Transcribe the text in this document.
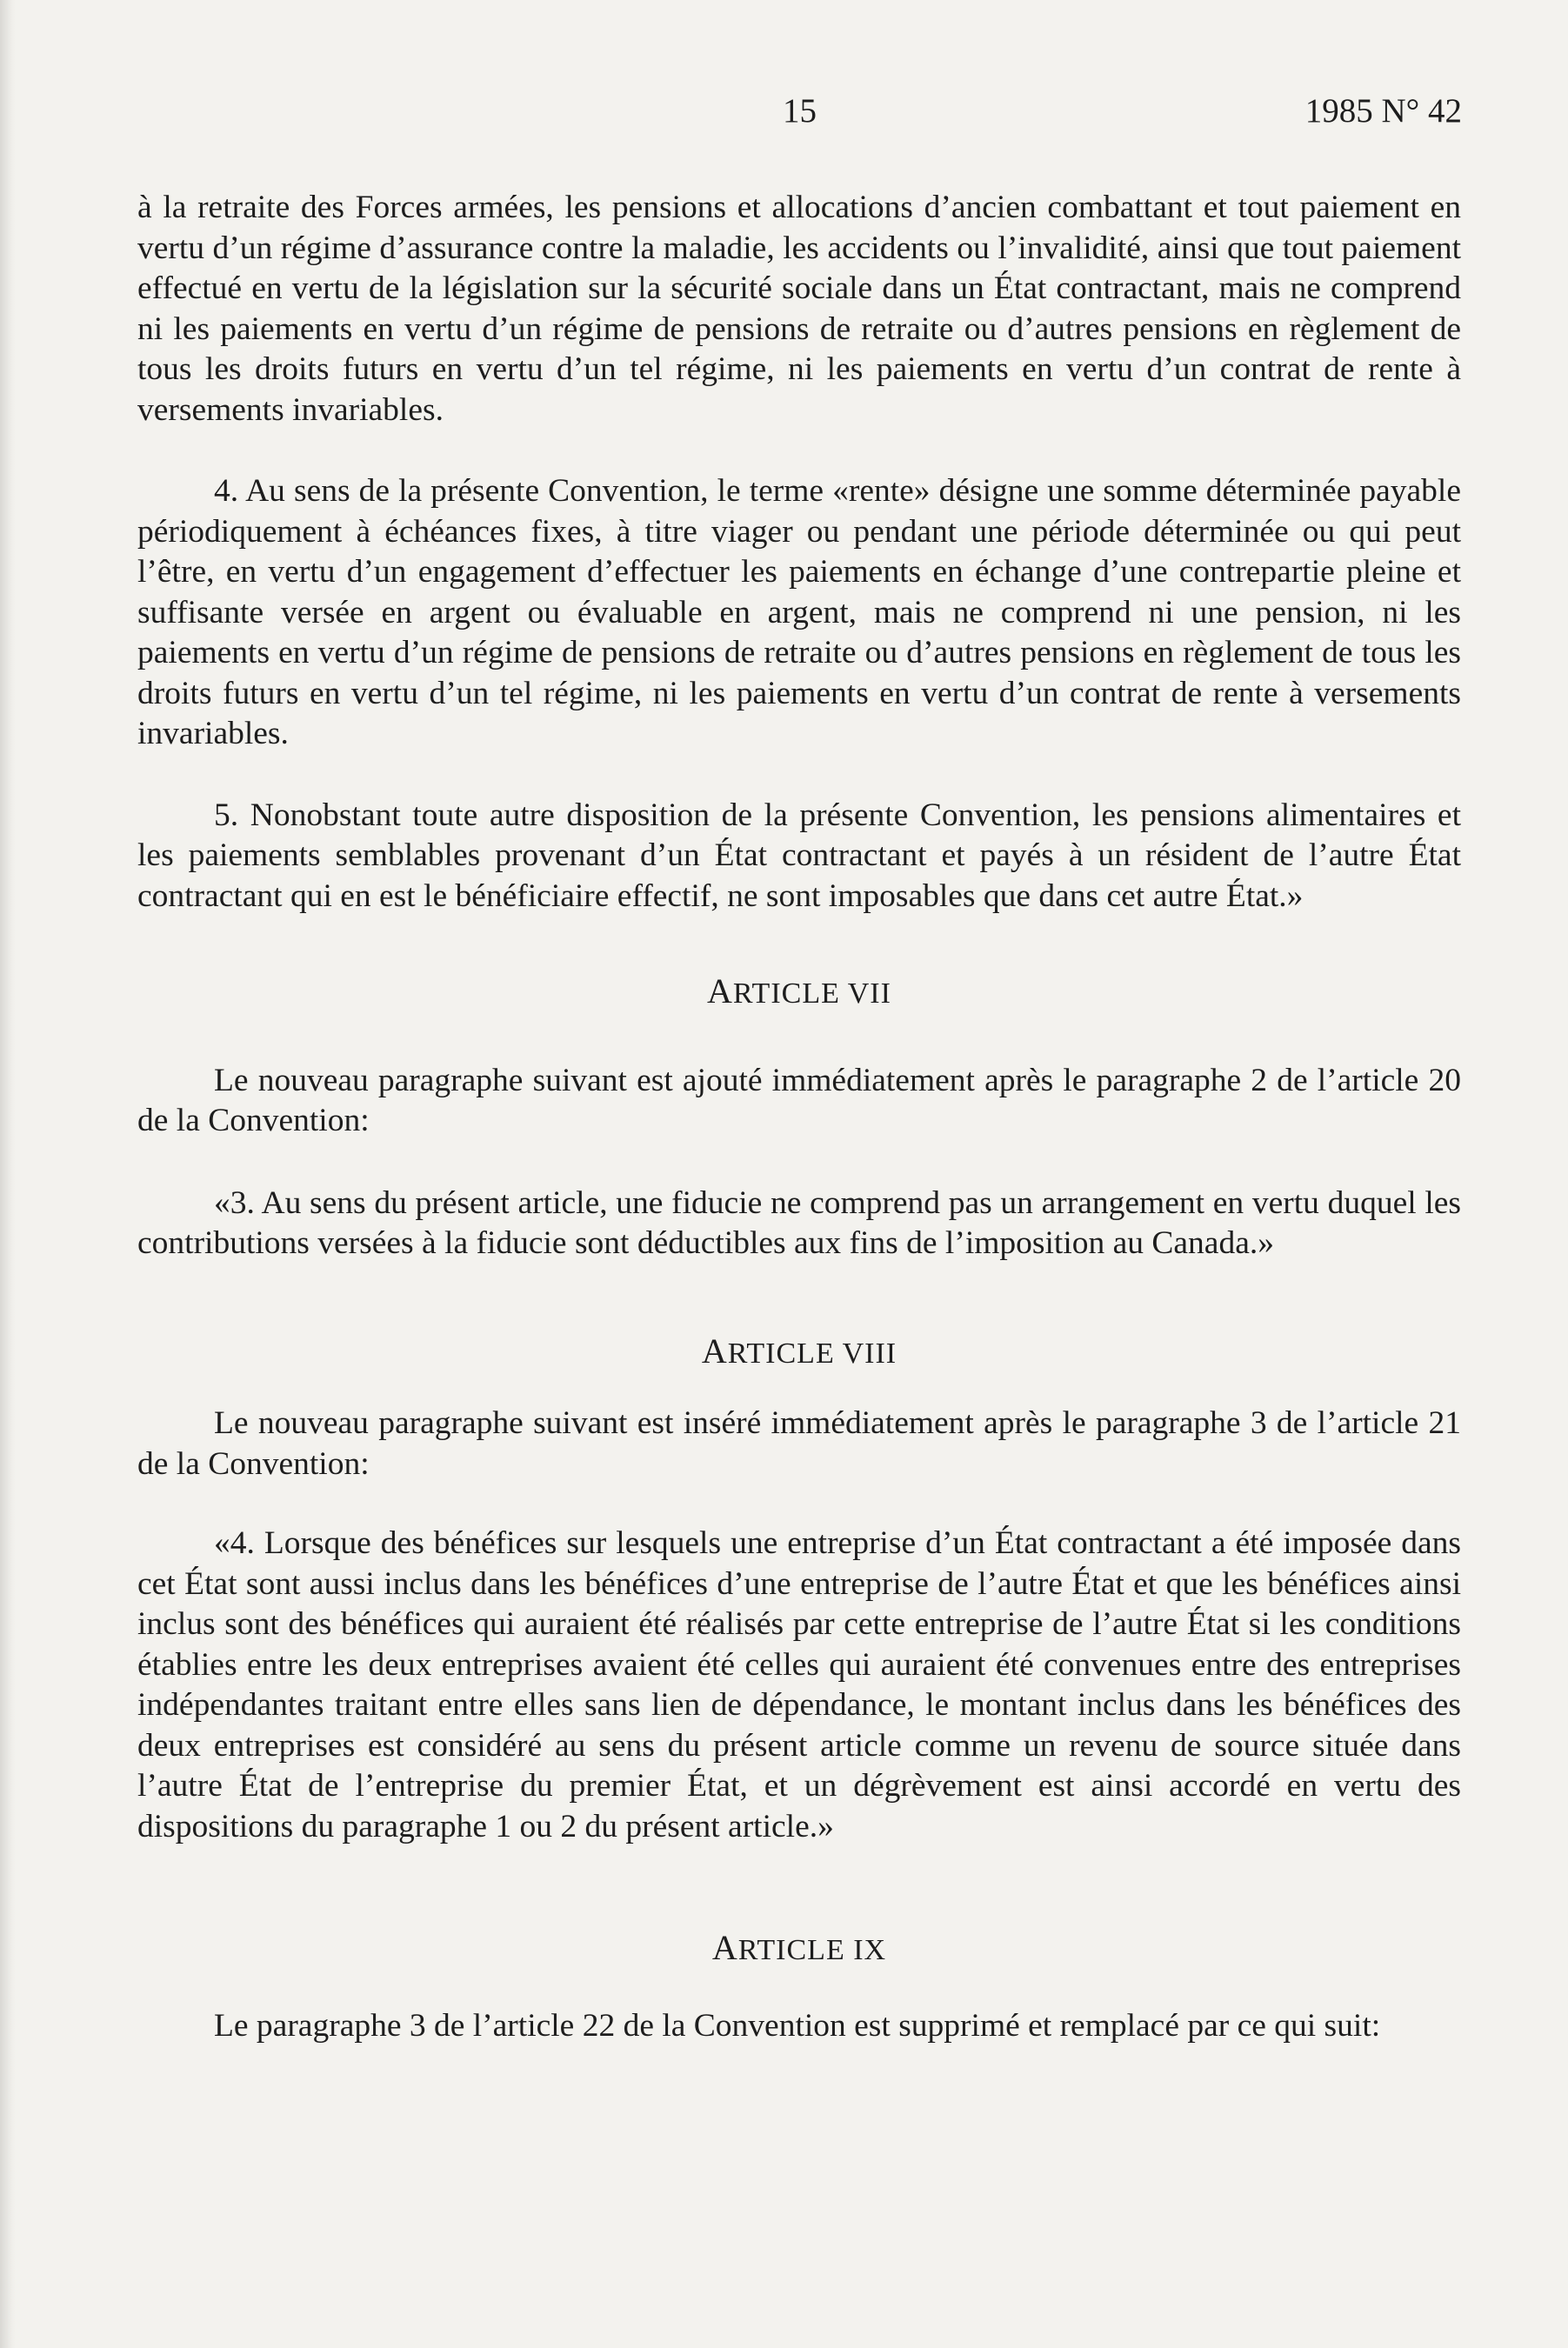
15	1985 N° 42

à la retraite des Forces armées, les pensions et allocations d’ancien combattant et tout paiement en vertu d’un régime d’assurance contre la maladie, les accidents ou l’invalidité, ainsi que tout paiement effectué en vertu de la législation sur la sécurité sociale dans un État contractant, mais ne comprend ni les paiements en vertu d’un régime de pensions de retraite ou d’autres pensions en règlement de tous les droits futurs en vertu d’un tel régime, ni les paiements en vertu d’un contrat de rente à versements invariables.

4. Au sens de la présente Convention, le terme «rente» désigne une somme déterminée payable périodiquement à échéances fixes, à titre viager ou pendant une période déterminée ou qui peut l’être, en vertu d’un engagement d’effectuer les paiements en échange d’une contrepartie pleine et suffisante versée en argent ou évaluable en argent, mais ne comprend ni une pension, ni les paiements en vertu d’un régime de pensions de retraite ou d’autres pensions en règlement de tous les droits futurs en vertu d’un tel régime, ni les paiements en vertu d’un contrat de rente à versements invariables.

5. Nonobstant toute autre disposition de la présente Convention, les pensions alimentaires et les paiements semblables provenant d’un État contractant et payés à un résident de l’autre État contractant qui en est le bénéficiaire effectif, ne sont imposables que dans cet autre État.»

ARTICLE VII

Le nouveau paragraphe suivant est ajouté immédiatement après le paragraphe 2 de l’article 20 de la Convention:

«3. Au sens du présent article, une fiducie ne comprend pas un arrangement en vertu duquel les contributions versées à la fiducie sont déductibles aux fins de l’imposition au Canada.»

ARTICLE VIII

Le nouveau paragraphe suivant est inséré immédiatement après le paragraphe 3 de l’article 21 de la Convention:

«4. Lorsque des bénéfices sur lesquels une entreprise d’un État contractant a été imposée dans cet État sont aussi inclus dans les bénéfices d’une entreprise de l’autre État et que les bénéfices ainsi inclus sont des bénéfices qui auraient été réalisés par cette entreprise de l’autre État si les conditions établies entre les deux entreprises avaient été celles qui auraient été convenues entre des entreprises indépendantes traitant entre elles sans lien de dépendance, le montant inclus dans les bénéfices des deux entreprises est considéré au sens du présent article comme un revenu de source située dans l’autre État de l’entreprise du premier État, et un dégrèvement est ainsi accordé en vertu des dispositions du paragraphe 1 ou 2 du présent article.»

ARTICLE IX

Le paragraphe 3 de l’article 22 de la Convention est supprimé et remplacé par ce qui suit:
